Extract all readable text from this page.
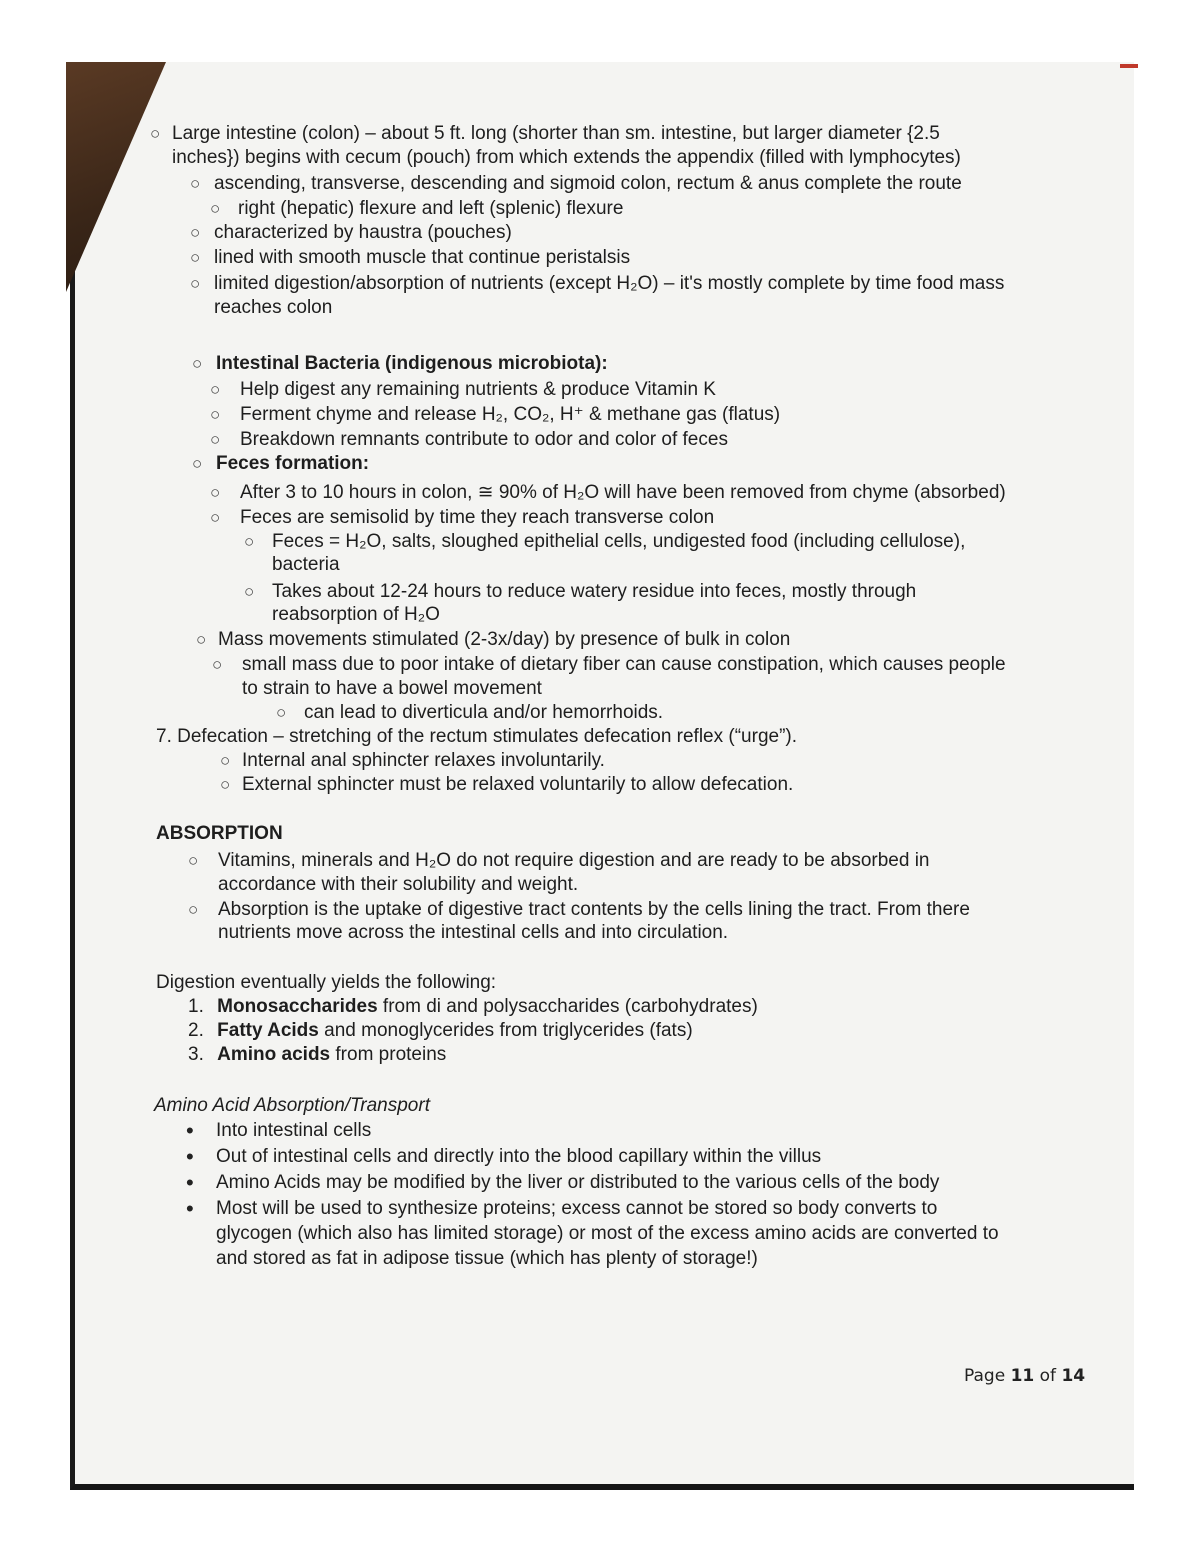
○ Large intestine (colon) – about 5 ft. long (shorter than sm. intestine, but larger diameter {2.5
inches}) begins with cecum (pouch) from which extends the appendix (filled with lymphocytes)
○ ascending, transverse, descending and sigmoid colon, rectum & anus complete the route
○ right (hepatic) flexure and left (splenic) flexure
○ characterized by haustra (pouches)
○ lined with smooth muscle that continue peristalsis
○ limited digestion/absorption of nutrients (except H₂O) – it's mostly complete by time food mass
reaches colon
○ Intestinal Bacteria (indigenous microbiota):
○	Help digest any remaining nutrients & produce Vitamin K
○	Ferment chyme and release H₂, CO₂, H⁺ & methane gas (flatus)
○	Breakdown remnants contribute to odor and color of feces
○ Feces formation:
○	After 3 to 10 hours in colon, ≅ 90% of H₂O will have been removed from chyme (absorbed)
○	Feces are semisolid by time they reach transverse colon
○ Feces = H₂O, salts, sloughed epithelial cells, undigested food (including cellulose),
bacteria
○ Takes about 12-24 hours to reduce watery residue into feces, mostly through
reabsorption of H₂O
○ Mass movements stimulated (2-3x/day) by presence of bulk in colon
○	small mass due to poor intake of dietary fiber can cause constipation, which causes people
to strain to have a bowel movement
○ can lead to diverticula and/or hemorrhoids.
7. Defecation – stretching of the rectum stimulates defecation reflex (“urge”).
○ Internal anal sphincter relaxes involuntarily.
○ External sphincter must be relaxed voluntarily to allow defecation.
ABSORPTION
○	Vitamins, minerals and H₂O do not require digestion and are ready to be absorbed in
accordance with their solubility and weight.
○	Absorption is the uptake of digestive tract contents by the cells lining the tract. From there
nutrients move across the intestinal cells and into circulation.
Digestion eventually yields the following:
1. Monosaccharides from di and polysaccharides (carbohydrates)
2. Fatty Acids and monoglycerides from triglycerides (fats)
3. Amino acids from proteins
Amino Acid Absorption/Transport
• Into intestinal cells
• Out of intestinal cells and directly into the blood capillary within the villus
• Amino Acids may be modified by the liver or distributed to the various cells of the body
• Most will be used to synthesize proteins; excess cannot be stored so body converts to
glycogen (which also has limited storage) or most of the excess amino acids are converted to
and stored as fat in adipose tissue (which has plenty of storage!)
Page 11 of 14
